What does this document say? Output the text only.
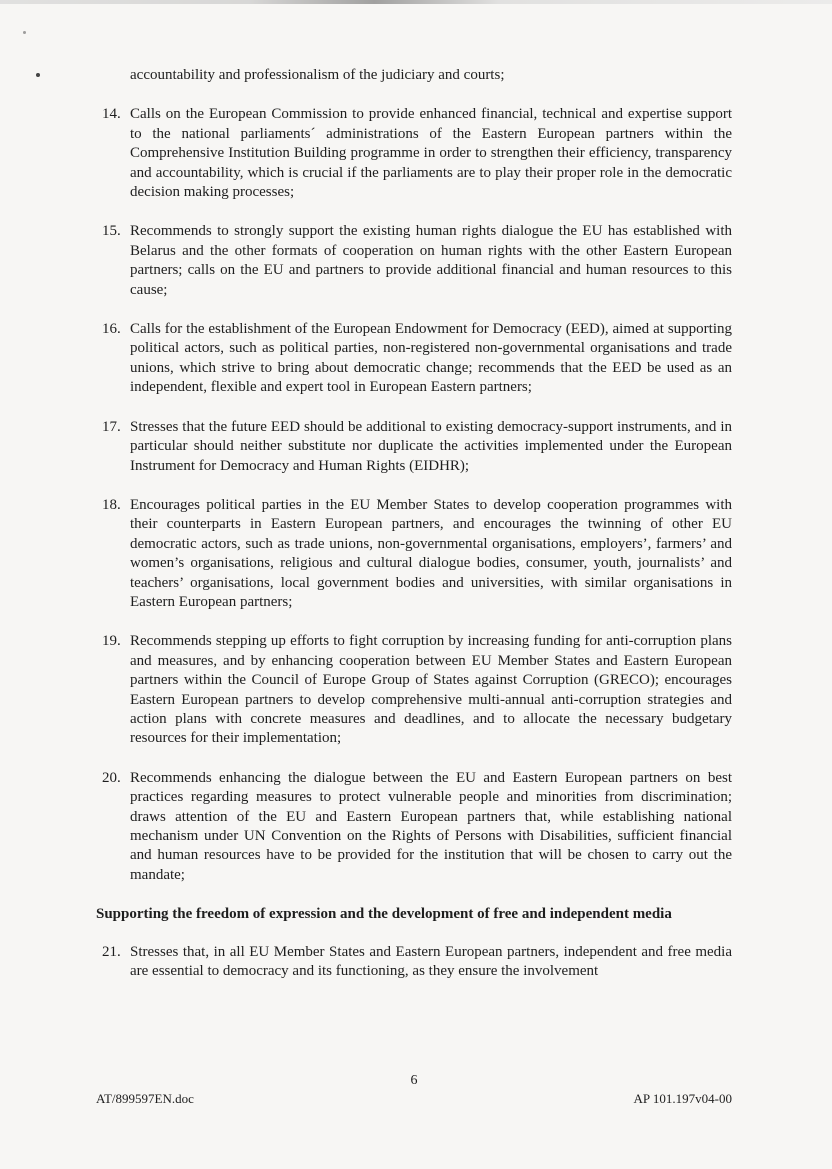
accountability and professionalism of the judiciary and courts;

14. Calls on the European Commission to provide enhanced financial, technical and expertise support to the national parliaments´ administrations of the Eastern European partners within the Comprehensive Institution Building programme in order to strengthen their efficiency, transparency and accountability, which is crucial if the parliaments are to play their proper role in the democratic decision making processes;
15. Recommends to strongly support the existing human rights dialogue the EU has established with Belarus and the other formats of cooperation on human rights with the other Eastern European partners; calls on the EU and partners to provide additional financial and human resources to this cause;
16. Calls for the establishment of the European Endowment for Democracy (EED), aimed at supporting political actors, such as political parties, non-registered non-governmental organisations and trade unions, which strive to bring about democratic change; recommends that the EED be used as an independent, flexible and expert tool in European Eastern partners;
17. Stresses that the future EED should be additional to existing democracy-support instruments, and in particular should neither substitute nor duplicate the activities implemented under the European Instrument for Democracy and Human Rights (EIDHR);
18. Encourages political parties in the EU Member States to develop cooperation programmes with their counterparts in Eastern European partners, and encourages the twinning of other EU democratic actors, such as trade unions, non-governmental organisations, employers’, farmers’ and women’s organisations, religious and cultural dialogue bodies, consumer, youth, journalists’ and teachers’ organisations, local government bodies and universities, with similar organisations in Eastern European partners;
19. Recommends stepping up efforts to fight corruption by increasing funding for anti-corruption plans and measures, and by enhancing cooperation between EU Member States and Eastern European partners within the Council of Europe Group of States against Corruption (GRECO); encourages Eastern European partners to develop comprehensive multi-annual anti-corruption strategies and action plans with concrete measures and deadlines, and to allocate the necessary budgetary resources for their implementation;
20. Recommends enhancing the dialogue between the EU and Eastern European partners on best practices regarding measures to protect vulnerable people and minorities from discrimination; draws attention of the EU and Eastern European partners that, while establishing national mechanism under UN Convention on the Rights of Persons with Disabilities, sufficient financial and human resources have to be provided for the institution that will be chosen to carry out the mandate;
Supporting the freedom of expression and the development of free and independent media
21. Stresses that, in all EU Member States and Eastern European partners, independent and free media are essential to democracy and its functioning, as they ensure the involvement
AT/899597EN.doc
6
AP 101.197v04-00
